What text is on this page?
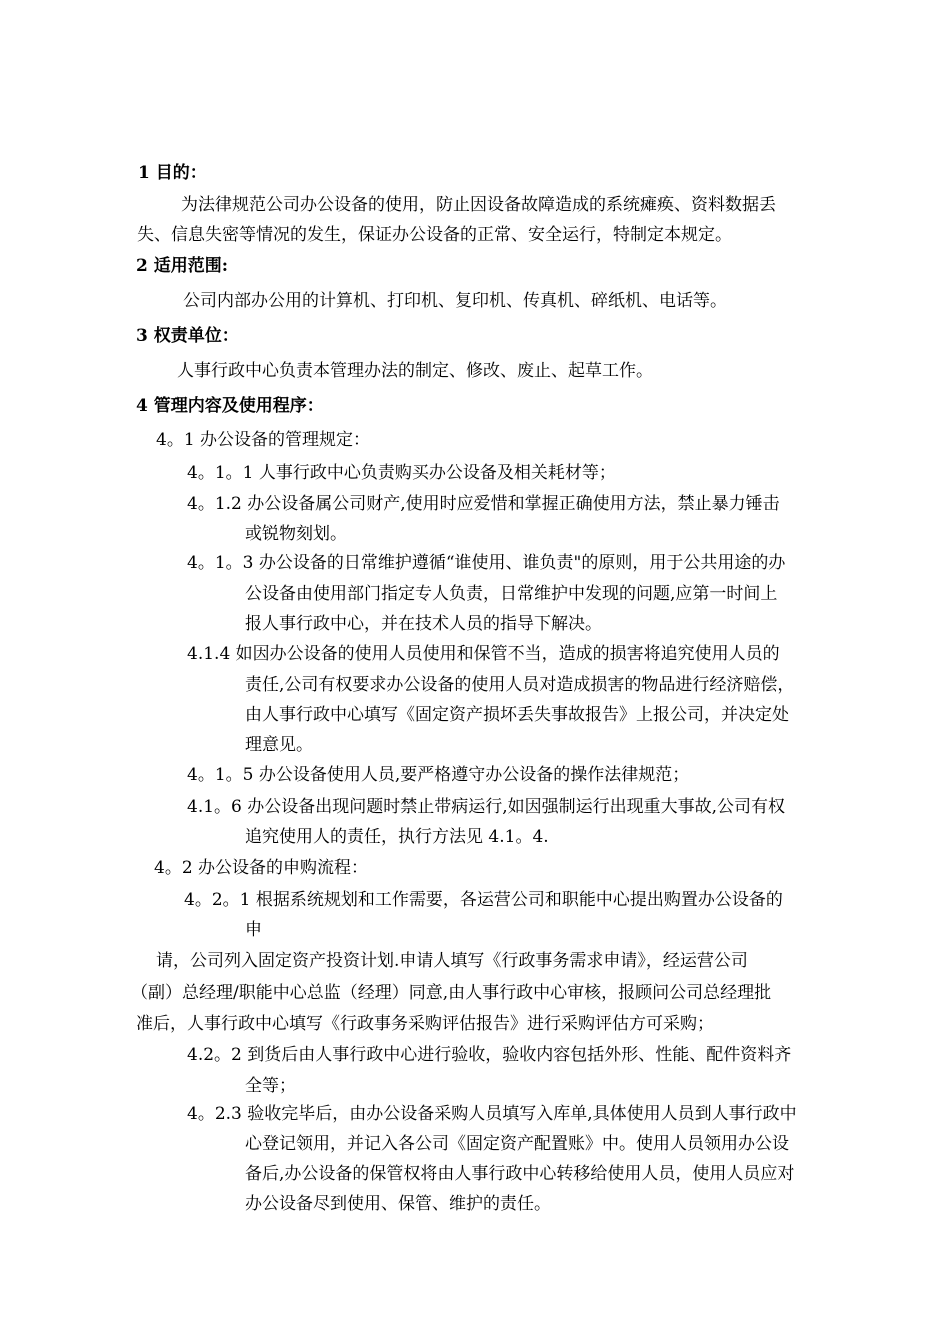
1 目的：
为法律规范公司办公设备的使用，防止因设备故障造成的系统瘫痪、资料数据丢
失、信息失密等情况的发生，保证办公设备的正常、安全运行，特制定本规定。
2 适用范围:
公司内部办公用的计算机、打印机、复印机、传真机、碎纸机、电话等。
3 权责单位：
人事行政中心负责本管理办法的制定、修改、废止、起草工作。
4 管理内容及使用程序：
4。1 办公设备的管理规定：
4。1。1 人事行政中心负责购买办公设备及相关耗材等；
4。1.2 办公设备属公司财产,使用时应爱惜和掌握正确使用方法，禁止暴力锤击
或锐物刻划。
4。1。3 办公设备的日常维护遵循“谁使用、谁负责"的原则，用于公共用途的办
公设备由使用部门指定专人负责，日常维护中发现的问题,应第一时间上
报人事行政中心，并在技术人员的指导下解决。
4.1.4 如因办公设备的使用人员使用和保管不当，造成的损害将追究使用人员的
责任,公司有权要求办公设备的使用人员对造成损害的物品进行经济赔偿，
由人事行政中心填写《固定资产损坏丢失事故报告》上报公司，并决定处
理意见。
4。1。5 办公设备使用人员,要严格遵守办公设备的操作法律规范；
4.1。6 办公设备出现问题时禁止带病运行,如因强制运行出现重大事故,公司有权
追究使用人的责任，执行方法见 4.1。4.
4。2 办公设备的申购流程：
4。2。1 根据系统规划和工作需要，各运营公司和职能中心提出购置办公设备的
申
请，公司列入固定资产投资计划.申请人填写《行政事务需求申请》，经运营公司
（副）总经理/职能中心总监（经理）同意,由人事行政中心审核，报顾问公司总经理批
准后，人事行政中心填写《行政事务采购评估报告》进行采购评估方可采购；
4.2。2 到货后由人事行政中心进行验收，验收内容包括外形、性能、配件资料齐
全等；
4。2.3 验收完毕后，由办公设备采购人员填写入库单,具体使用人员到人事行政中
心登记领用，并记入各公司《固定资产配置账》中。使用人员领用办公设
备后,办公设备的保管权将由人事行政中心转移给使用人员，使用人员应对
办公设备尽到使用、保管、维护的责任。
